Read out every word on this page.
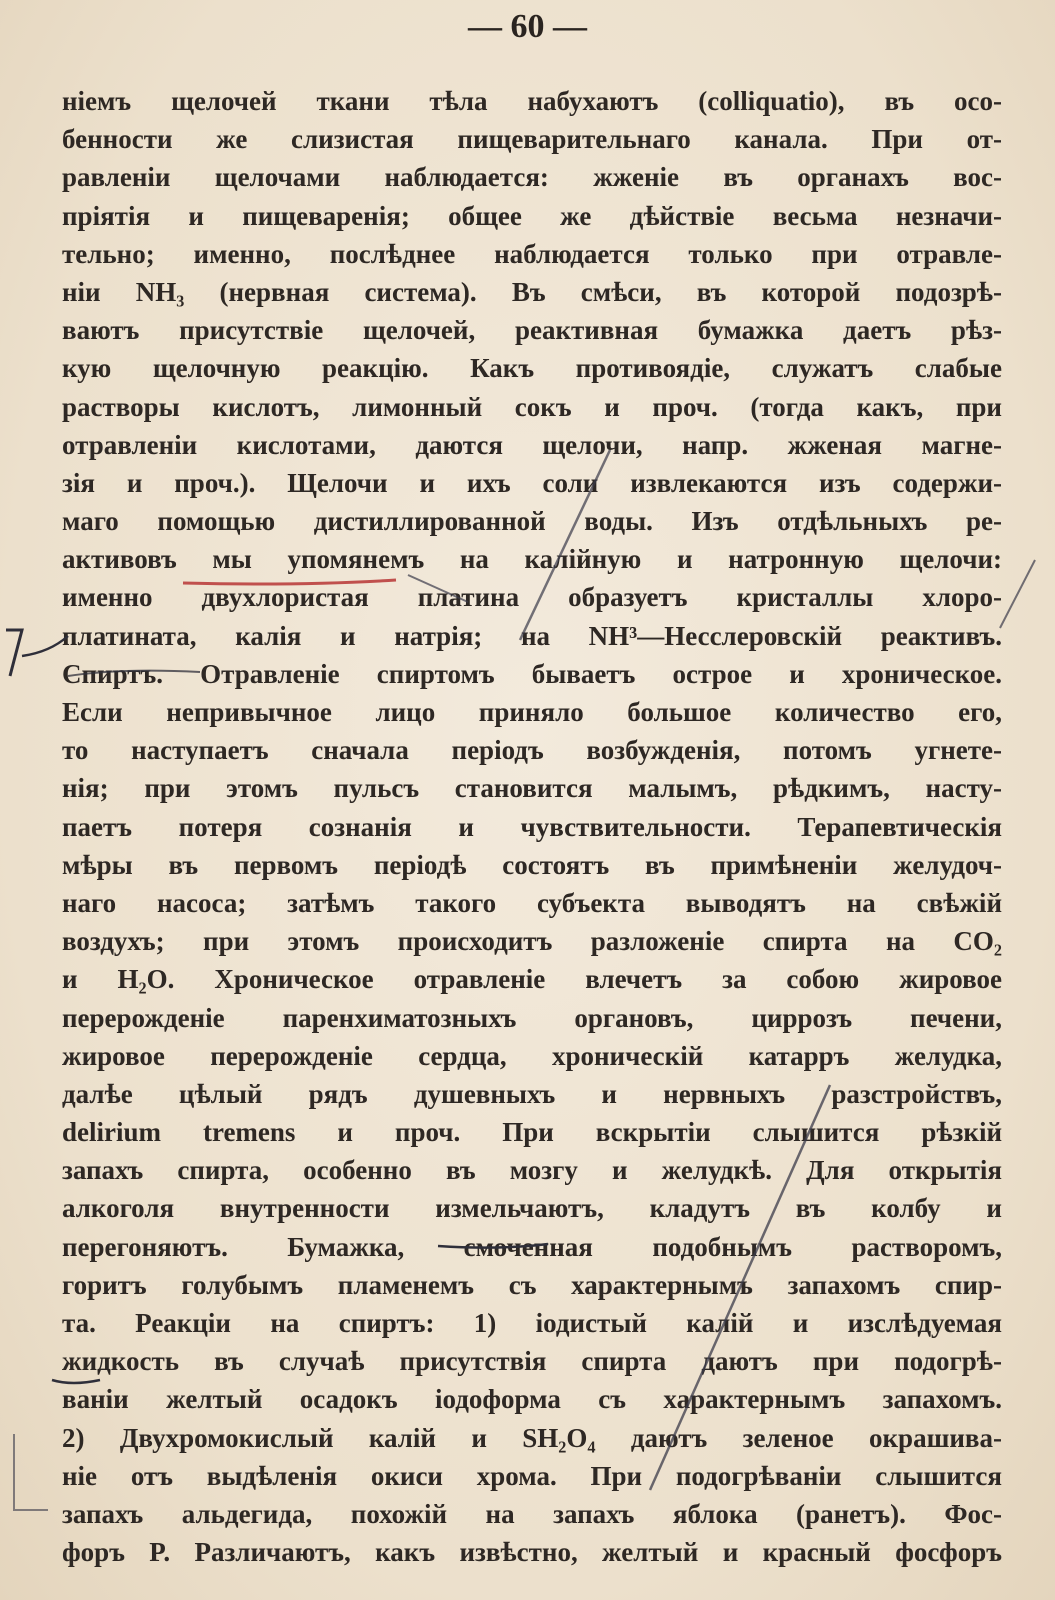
— 60 —
ніемъ щелочей ткани тѣла набухаютъ (colliquatio), въ осо-
бенности же слизистая пищеварительнаго канала. При от-
равленіи щелочами наблюдается: жженіе въ органахъ вос-
пріятія и пищеваренія; общее же дѣйствіе весьма незначи-
тельно; именно, послѣднее наблюдается только при отравле-
ніи NH₃ (нервная система). Въ смѣси, въ которой подозрѣ-
ваютъ присутствіе щелочей, реактивная бумажка даетъ рѣз-
кую щелочную реакцію. Какъ противоядіе, служатъ слабые
растворы кислотъ, лимонный сокъ и проч. (тогда какъ, при
отравленіи кислотами, даются щелочи, напр. жженая магне-
зія и проч.). Щелочи и ихъ соли извлекаются изъ содержи-
маго помощью дистиллированной воды. Изъ отдѣльныхъ ре-
активовъ мы упомянемъ на калійную и натронную щелочи:
именно двухлористая платина образуетъ кристаллы хлоро-
платината, калія и натрія; на NH³—Несслеровскій реактивъ.
Спиртъ. Отравленіе спиртомъ бываетъ острое и хроническое.
Если непривычное лицо приняло большое количество его,
то наступаетъ сначала періодъ возбужденія, потомъ угнете-
нія; при этомъ пульсъ становится малымъ, рѣдкимъ, насту-
паетъ потеря сознанія и чувствительности. Терапевтическія
мѣры въ первомъ періодѣ состоятъ въ примѣненіи желудоч-
наго насоса; затѣмъ такого субъекта выводятъ на свѣжій
воздухъ; при этомъ происходитъ разложеніе спирта на CO₂
и H₂O. Хроническое отравленіе влечетъ за собою жировое
перерожденіе паренхиматозныхъ органовъ, циррозъ печени,
жировое перерожденіе сердца, хроническій катарръ желудка,
далѣе цѣлый рядъ душевныхъ и нервныхъ разстройствъ,
delirium tremens и проч. При вскрытіи слышится рѣзкій
запахъ спирта, особенно въ мозгу и желудкѣ. Для открытія
алкоголя внутренности измельчаютъ, кладутъ въ колбу и
перегоняютъ. Бумажка, смоченная подобнымъ растворомъ,
горитъ голубымъ пламенемъ съ характернымъ запахомъ спир-
та. Реакціи на спиртъ: 1) іодистый калій и изслѣдуемая
жидкость въ случаѣ присутствія спирта даютъ при подогрѣ-
ваніи желтый осадокъ іодоформа съ характернымъ запахомъ.
2) Двухромокислый калій и SH₂O₄ даютъ зеленое окрашива-
ніе отъ выдѣленія окиси хрома. При подогрѣваніи слышится
запахъ альдегида, похожій на запахъ яблока (ранетъ). Фос-
форъ P. Различаютъ, какъ извѣстно, желтый и красный фосфоръ
